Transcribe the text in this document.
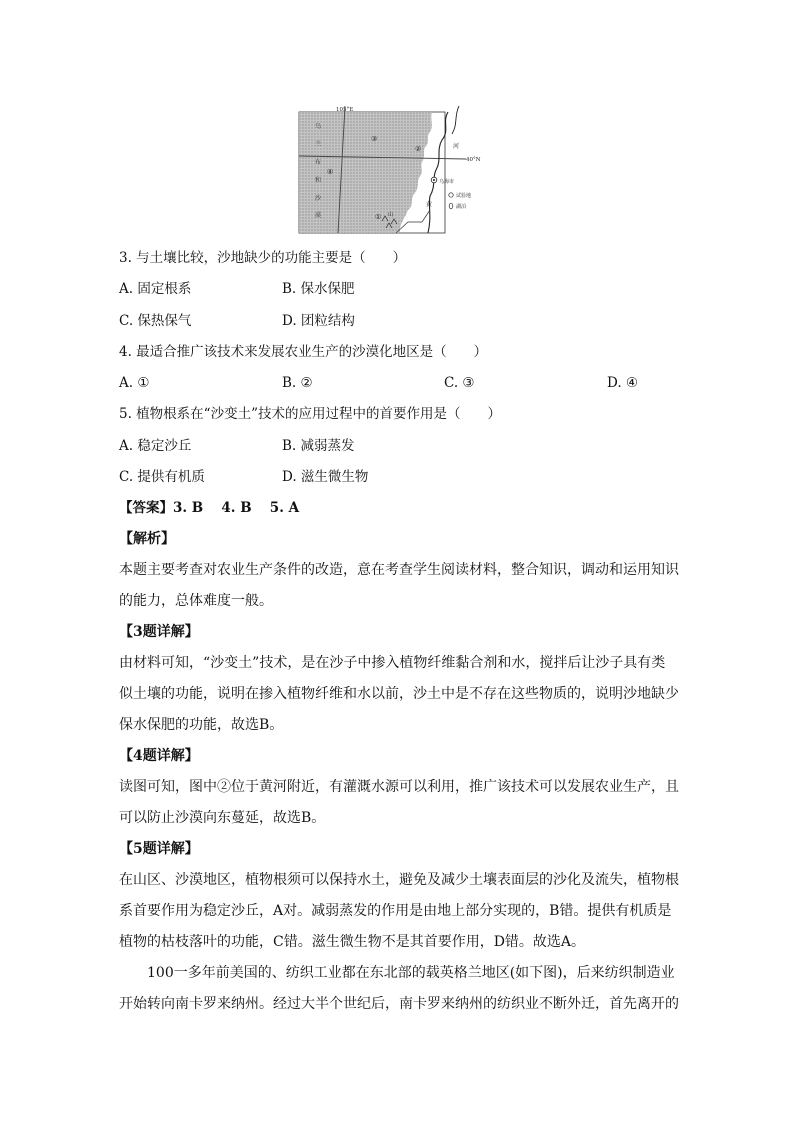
105°E
40°N
乌
兰
布
和
沙
漠
③
②
④
①
河
黄
山
乌海市
试验地
湖泊
3. 与土壤比较，沙地缺少的功能主要是（　　）
A. 固定根系	B. 保水保肥
C. 保热保气	D. 团粒结构
4. 最适合推广该技术来发展农业生产的沙漠化地区是（　　）
A. ①	B. ②	C. ③	D. ④
5. 植物根系在“沙变土”技术的应用过程中的首要作用是（　　）
A. 稳定沙丘	B. 减弱蒸发
C. 提供有机质	D. 滋生微生物
【答案】3. B　 4. B　 5. A
【解析】
本题主要考查对农业生产条件的改造，意在考查学生阅读材料，整合知识，调动和运用知识
的能力，总体难度一般。
【3题详解】
由材料可知，“沙变土”技术，是在沙子中掺入植物纤维黏合剂和水，搅拌后让沙子具有类
似土壤的功能，说明在掺入植物纤维和水以前，沙土中是不存在这些物质的，说明沙地缺少
保水保肥的功能，故选B。
【4题详解】
读图可知，图中②位于黄河附近，有灌溉水源可以利用，推广该技术可以发展农业生产，且
可以防止沙漠向东蔓延，故选B。
【5题详解】
在山区、沙漠地区，植物根须可以保持水土，避免及减少土壤表面层的沙化及流失，植物根
系首要作用为稳定沙丘，A对。减弱蒸发的作用是由地上部分实现的，B错。提供有机质是
植物的枯枝落叶的功能，C错。滋生微生物不是其首要作用，D错。故选A。
100一多年前美国的、纺织工业都在东北部的载英格兰地区(如下图)，后来纺织制造业
开始转向南卡罗来纳州。经过大半个世纪后，南卡罗来纳州的纺织业不断外迁，首先离开的
